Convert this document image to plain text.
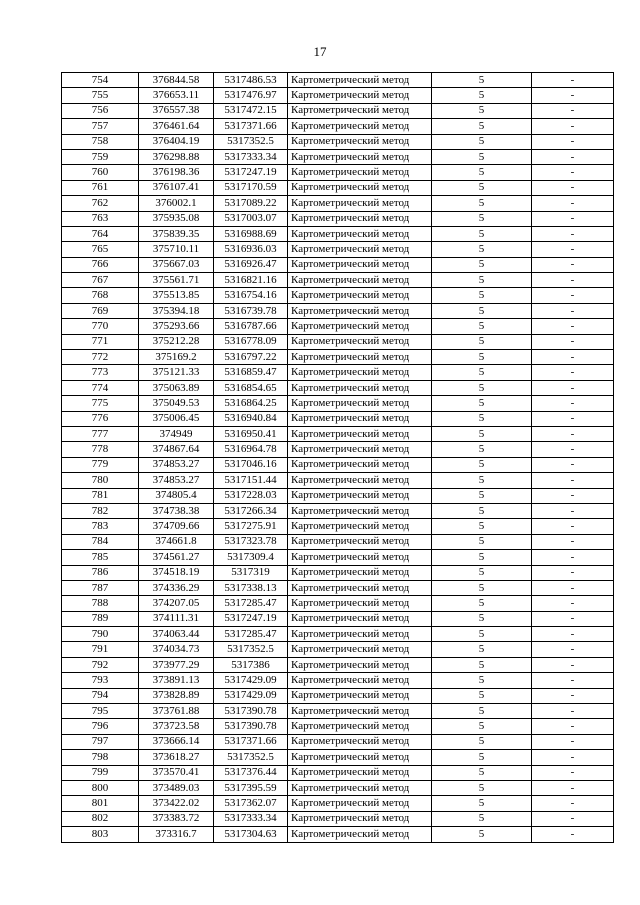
17
754	376844.58	5317486.53	Картометрический метод	5	-
755	376653.11	5317476.97	Картометрический метод	5	-
756	376557.38	5317472.15	Картометрический метод	5	-
757	376461.64	5317371.66	Картометрический метод	5	-
758	376404.19	5317352.5	Картометрический метод	5	-
759	376298.88	5317333.34	Картометрический метод	5	-
760	376198.36	5317247.19	Картометрический метод	5	-
761	376107.41	5317170.59	Картометрический метод	5	-
762	376002.1	5317089.22	Картометрический метод	5	-
763	375935.08	5317003.07	Картометрический метод	5	-
764	375839.35	5316988.69	Картометрический метод	5	-
765	375710.11	5316936.03	Картометрический метод	5	-
766	375667.03	5316926.47	Картометрический метод	5	-
767	375561.71	5316821.16	Картометрический метод	5	-
768	375513.85	5316754.16	Картометрический метод	5	-
769	375394.18	5316739.78	Картометрический метод	5	-
770	375293.66	5316787.66	Картометрический метод	5	-
771	375212.28	5316778.09	Картометрический метод	5	-
772	375169.2	5316797.22	Картометрический метод	5	-
773	375121.33	5316859.47	Картометрический метод	5	-
774	375063.89	5316854.65	Картометрический метод	5	-
775	375049.53	5316864.25	Картометрический метод	5	-
776	375006.45	5316940.84	Картометрический метод	5	-
777	374949	5316950.41	Картометрический метод	5	-
778	374867.64	5316964.78	Картометрический метод	5	-
779	374853.27	5317046.16	Картометрический метод	5	-
780	374853.27	5317151.44	Картометрический метод	5	-
781	374805.4	5317228.03	Картометрический метод	5	-
782	374738.38	5317266.34	Картометрический метод	5	-
783	374709.66	5317275.91	Картометрический метод	5	-
784	374661.8	5317323.78	Картометрический метод	5	-
785	374561.27	5317309.4	Картометрический метод	5	-
786	374518.19	5317319	Картометрический метод	5	-
787	374336.29	5317338.13	Картометрический метод	5	-
788	374207.05	5317285.47	Картометрический метод	5	-
789	374111.31	5317247.19	Картометрический метод	5	-
790	374063.44	5317285.47	Картометрический метод	5	-
791	374034.73	5317352.5	Картометрический метод	5	-
792	373977.29	5317386	Картометрический метод	5	-
793	373891.13	5317429.09	Картометрический метод	5	-
794	373828.89	5317429.09	Картометрический метод	5	-
795	373761.88	5317390.78	Картометрический метод	5	-
796	373723.58	5317390.78	Картометрический метод	5	-
797	373666.14	5317371.66	Картометрический метод	5	-
798	373618.27	5317352.5	Картометрический метод	5	-
799	373570.41	5317376.44	Картометрический метод	5	-
800	373489.03	5317395.59	Картометрический метод	5	-
801	373422.02	5317362.07	Картометрический метод	5	-
802	373383.72	5317333.34	Картометрический метод	5	-
803	373316.7	5317304.63	Картометрический метод	5	-
